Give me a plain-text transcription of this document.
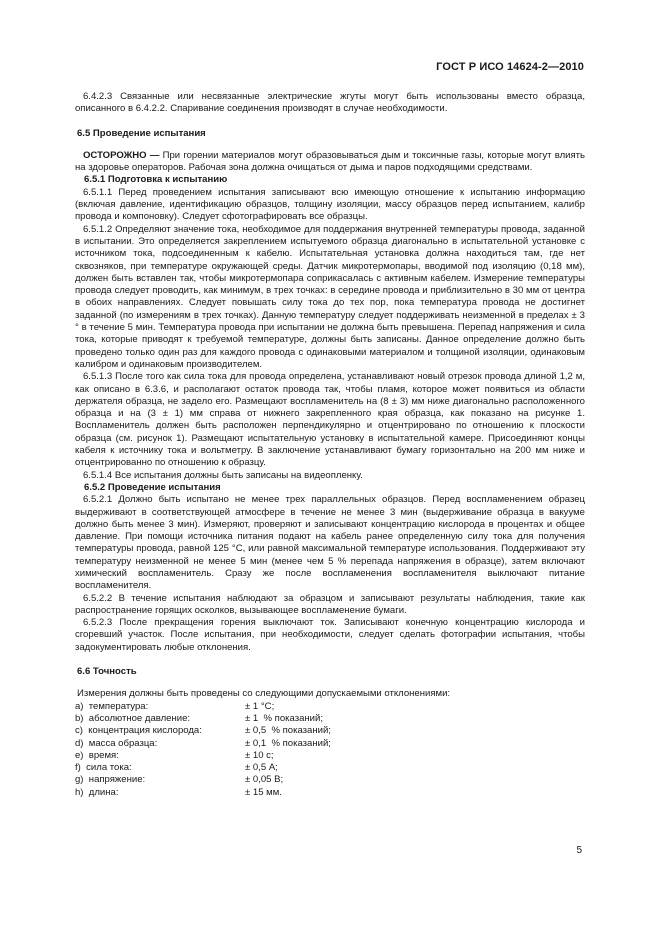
ГОСТ Р ИСО 14624-2—2010

6.4.2.3 Связанные или несвязанные электрические жгуты могут быть использованы вместо образца, описанного в 6.4.2.2. Спаривание соединения производят в случае необходимости.

6.5 Проведение испытания

ОСТОРОЖНО — При горении материалов могут образовываться дым и токсичные газы, которые могут влиять на здоровье операторов. Рабочая зона должна очищаться от дыма и паров подходящими средствами.

6.5.1 Подготовка к испытанию

6.5.1.1 Перед проведением испытания записывают всю имеющую отношение к испытанию информацию (включая давление, идентификацию образцов, толщину изоляции, массу образцов перед испытанием, калибр провода и компоновку). Следует сфотографировать все образцы.

6.5.1.2 Определяют значение тока, необходимое для поддержания внутренней температуры провода, заданной в испытании. Это определяется закреплением испытуемого образца диагонально в испытательной установке с источником тока, подсоединенным к кабелю. Испытательная установка должна находиться там, где нет сквозняков, при температуре окружающей среды. Датчик микротермопары, вводимой под изоляцию (0,18 мм), должен быть вставлен так, чтобы микротермопара соприкасалась с активным кабелем. Измерение температуры провода следует проводить, как минимум, в трех точках: в середине провода и приблизительно в 30 мм от центра в обоих направлениях. Следует повышать силу тока до тех пор, пока температура провода не достигнет заданной (по измерениям в трех точках). Данную температуру следует поддерживать неизменной в пределах ± 3 ° в течение 5 мин. Температура провода при испытании не должна быть превышена. Перепад напряжения и сила тока, которые приводят к требуемой температуре, должны быть записаны. Данное определение должно быть проведено только один раз для каждого провода с одинаковыми материалом и толщиной изоляции, одинаковым калибром и одинаковым производителем.

6.5.1.3 После того как сила тока для провода определена, устанавливают новый отрезок провода длиной 1,2 м, как описано в 6.3.6, и располагают остаток провода так, чтобы пламя, которое может появиться из области держателя образца, не задело его. Размещают воспламенитель на (8 ± 3) мм ниже диагонально расположенного образца и на (3 ± 1) мм справа от нижнего закрепленного края образца, как показано на рисунке 1. Воспламенитель должен быть расположен перпендикулярно и отцентрировано по отношению к плоскости образца (см. рисунок 1). Размещают испытательную установку в испытательной камере. Присоединяют концы кабеля к источнику тока и вольтметру. В заключение устанавливают бумагу горизонтально на 200 мм ниже и отцентрированно по отношению к образцу.

6.5.1.4 Все испытания должны быть записаны на видеопленку.

6.5.2 Проведение испытания

6.5.2.1 Должно быть испытано не менее трех параллельных образцов. Перед воспламенением образец выдерживают в соответствующей атмосфере в течение не менее 3 мин (выдерживание образца в вакууме должно быть менее 3 мин). Измеряют, проверяют и записывают концентрацию кислорода в процентах и общее давление. При помощи источника питания подают на кабель ранее определенную силу тока для получения температуры провода, равной 125 °С, или равной максимальной температуре использования. Поддерживают эту температуру неизменной не менее 5 мин (менее чем 5 % перепада напряжения в образце), затем включают химический воспламенитель. Сразу же после воспламенения воспламенителя выключают питание воспламенителя.

6.5.2.2 В течение испытания наблюдают за образцом и записывают результаты наблюдения, такие как распространение горящих осколков, вызывающее воспламенение бумаги.

6.5.2.3 После прекращения горения выключают ток. Записывают конечную концентрацию кислорода и сгоревший участок. После испытания, при необходимости, следует сделать фотографии испытания, чтобы задокументировать любые отклонения.

6.6 Точность

Измерения должны быть проведены со следующими допускаемыми отклонениями:

a)  температура:	± 1 °С;
b)  абсолютное давление:	± 1  % показаний;
c)  концентрация кислорода:	± 0,5  % показаний;
d)  масса образца:	± 0,1  % показаний;
e)  время:	± 10 с;
f)  сила тока:	± 0,5 А;
g)  напряжение:	± 0,05 В;
h)  длина:	± 15 мм.
5
